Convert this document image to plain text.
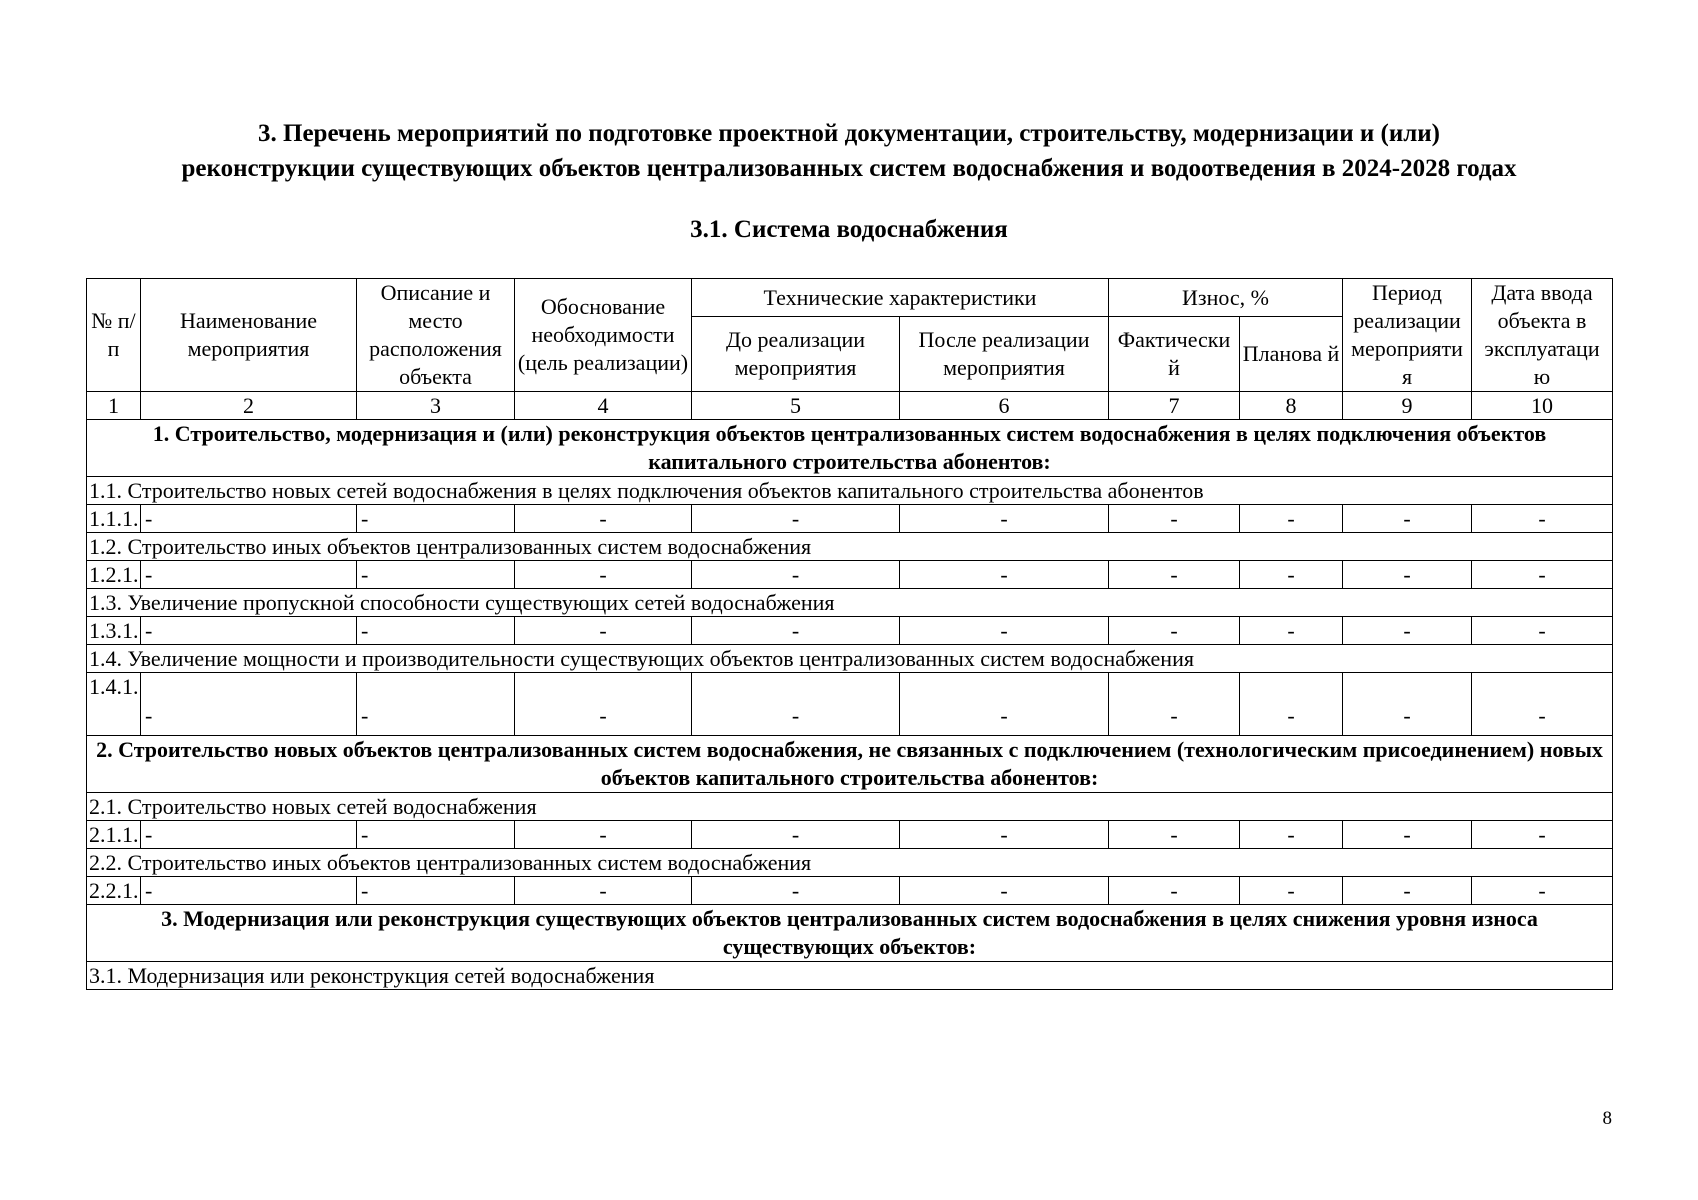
3. Перечень мероприятий по подготовке проектной документации, строительству, модернизации и (или)
реконструкции существующих объектов централизованных систем водоснабжения и водоотведения в 2024-2028 годах
3.1. Система водоснабжения
№ п/п	Наименование мероприятия	Описание и место расположения объекта	Обоснование необходимости (цель реализации)	Технические характеристики		Износ, %		Период реализации мероприяти я	Дата ввода объекта в эксплуатаци ю
				До реализации мероприятия	После реализации мероприятия	Фактически й	Планова й		
1	2	3	4	5	6	7	8	9	10
1. Строительство, модернизация и (или) реконструкция объектов централизованных систем водоснабжения в целях подключения объектов капитального строительства абонентов:									
1.1. Строительство новых сетей водоснабжения в целях подключения объектов капитального строительства абонентов									
1.1.1.	-	-	-	-	-	-	-	-	-
1.2. Строительство иных объектов централизованных систем водоснабжения									
1.2.1.	-	-	-	-	-	-	-	-	-
1.3. Увеличение пропускной способности существующих сетей водоснабжения									
1.3.1.	-	-	-	-	-	-	-	-	-
1.4. Увеличение мощности и производительности существующих объектов централизованных систем водоснабжения									
1.4.1.	-	-	-	-	-	-	-	-	-
2. Строительство новых объектов централизованных систем водоснабжения, не связанных с подключением (технологическим присоединением) новых объектов капитального строительства абонентов:									
2.1. Строительство новых сетей водоснабжения									
2.1.1.	-	-	-	-	-	-	-	-	-
2.2. Строительство иных объектов централизованных систем водоснабжения									
2.2.1.	-	-	-	-	-	-	-	-	-
3. Модернизация или реконструкция существующих объектов централизованных систем водоснабжения в целях снижения уровня износа существующих объектов:									
3.1. Модернизация или реконструкция сетей водоснабжения									
8
